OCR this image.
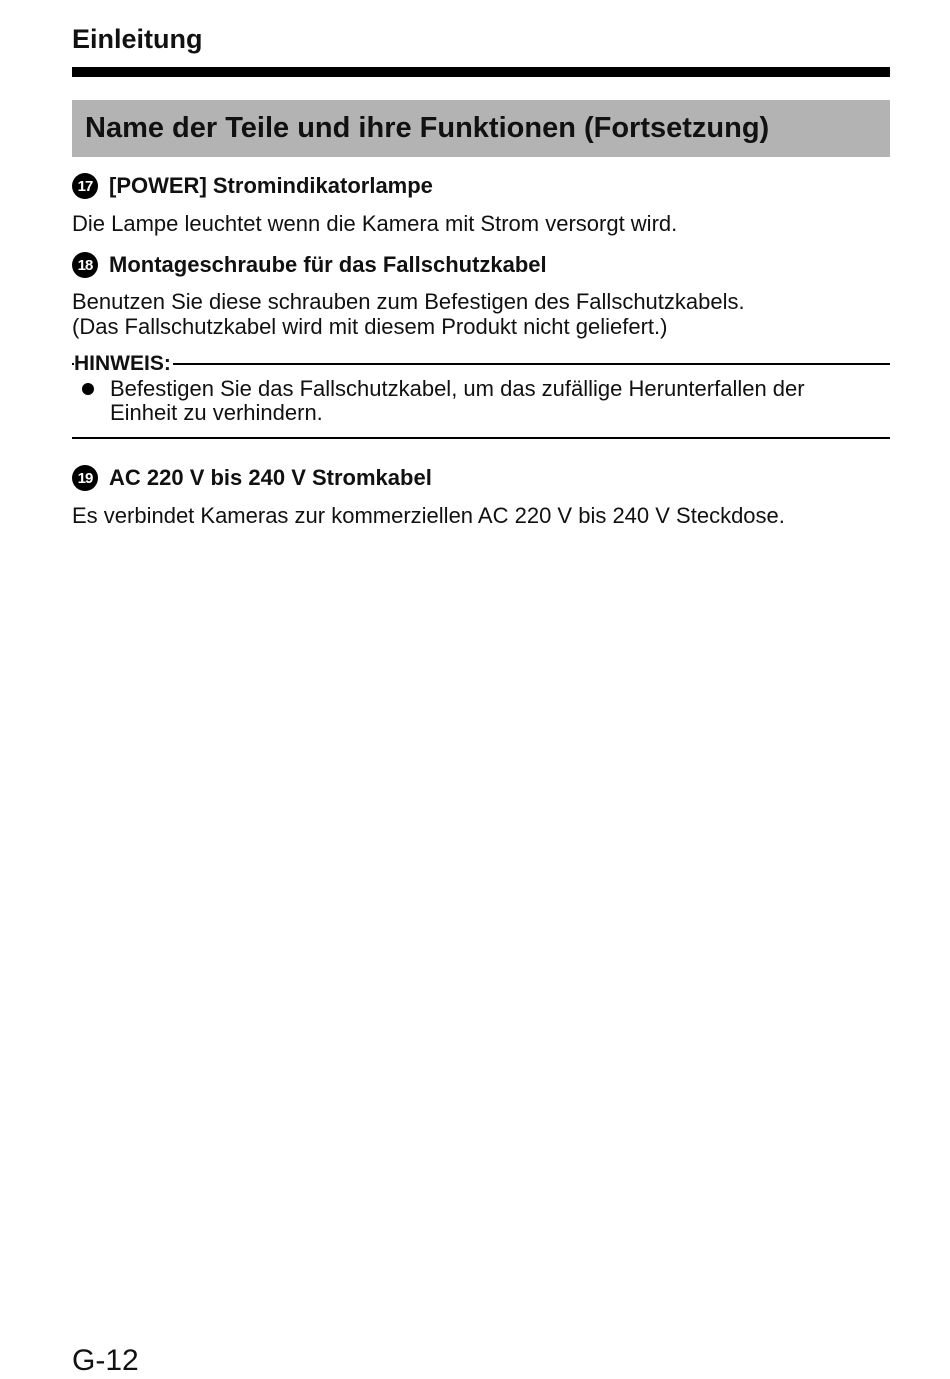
Einleitung
Name der Teile und ihre Funktionen (Fortsetzung)
17 [POWER] Stromindikatorlampe
Die Lampe leuchtet wenn die Kamera mit Strom versorgt wird.
18 Montageschraube für das Fallschutzkabel
Benutzen Sie diese schrauben zum Befestigen des Fallschutzkabels.
(Das Fallschutzkabel wird mit diesem Produkt nicht geliefert.)
HINWEIS:
Befestigen Sie das Fallschutzkabel, um das zufällige Herunterfallen der
Einheit zu verhindern.
19 AC 220 V bis 240 V Stromkabel
Es verbindet Kameras zur kommerziellen AC 220 V bis 240 V Steckdose.
G-12
